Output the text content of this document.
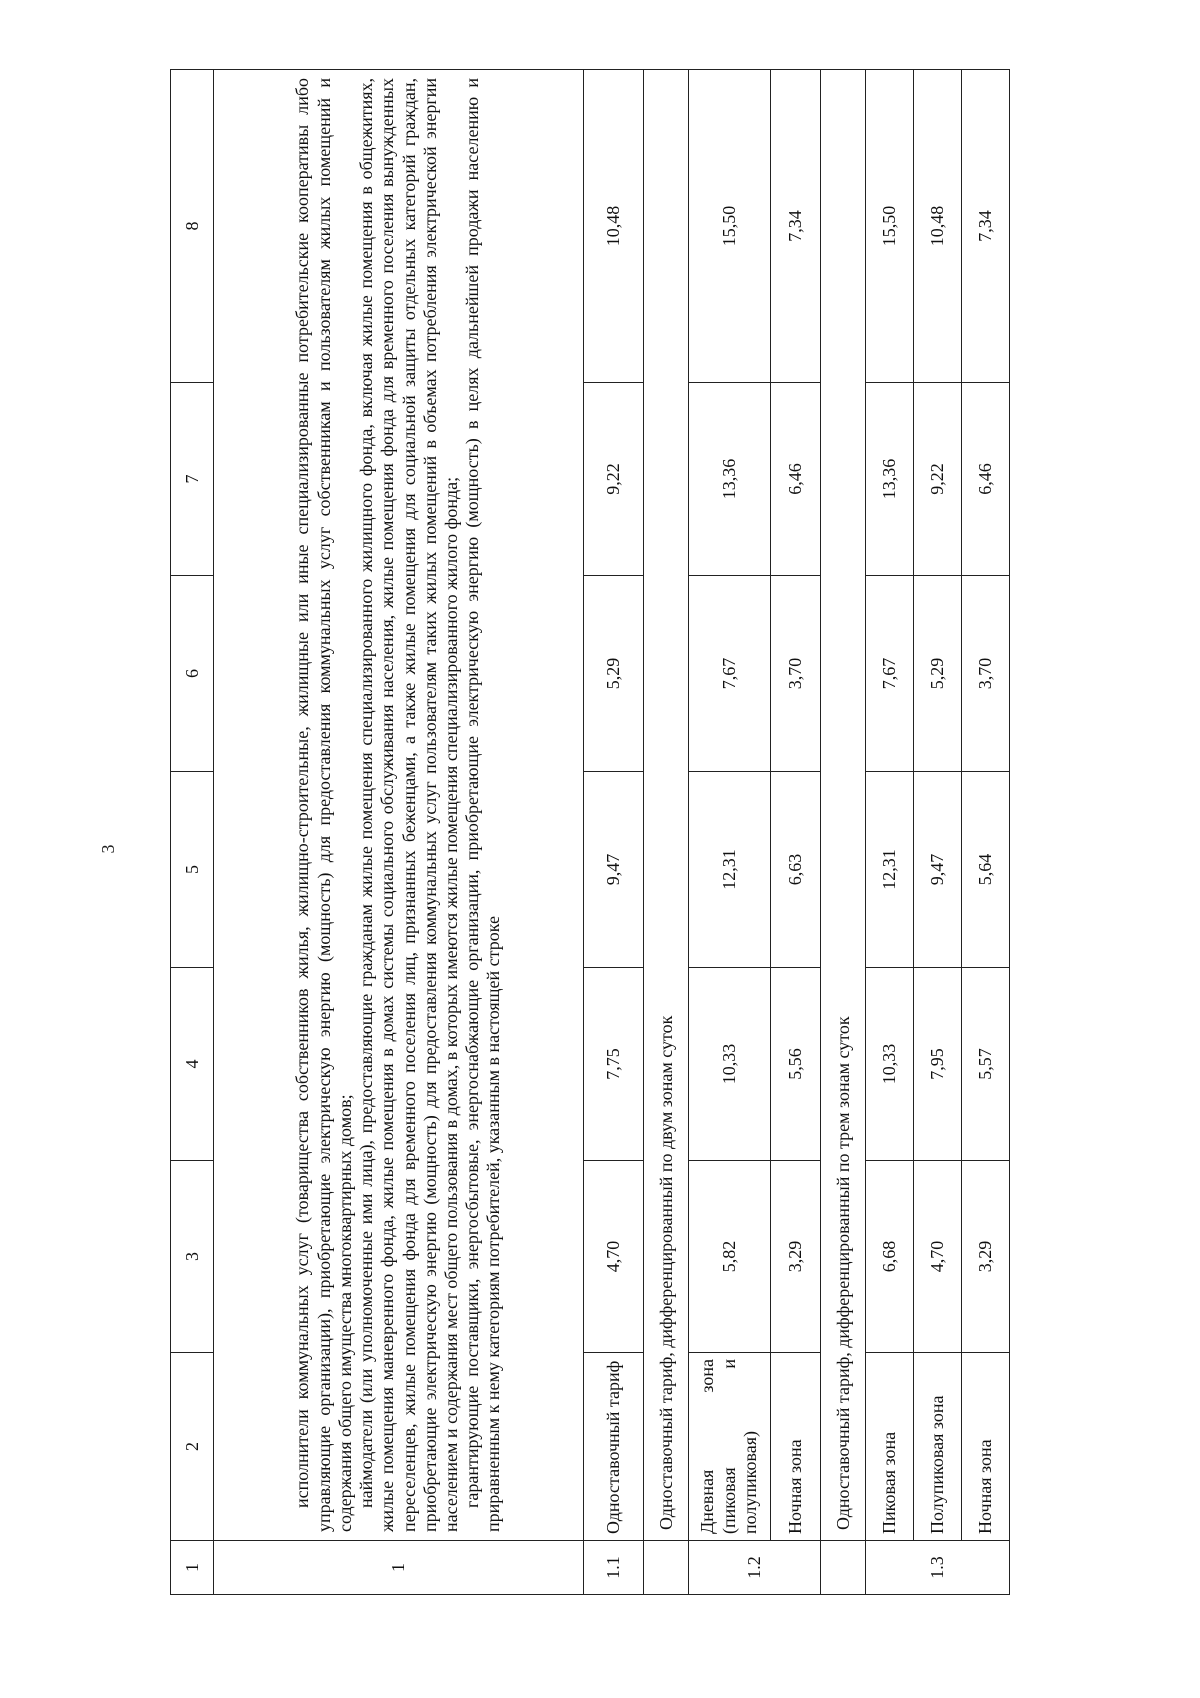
3
1	2	3	4	5	6	7	8
1	исполнители коммунальных услуг (товарищества собственников жилья, жилищно-строительные, жилищные или иные специализированные потребительские кооперативы либо управляющие организации), приобретающие электрическую энергию (мощность) для предоставления коммунальных услуг собственникам и пользователям жилых помещений и содержания общего имущества многоквартирных домов; наймодатели (или уполномоченные ими лица), предоставляющие гражданам жилые помещения специализированного жилищного фонда, включая жилые помещения в общежитиях, жилые помещения маневренного фонда, жилые помещения в домах системы социального обслуживания населения, жилые помещения фонда для временного поселения вынужденных переселенцев, жилые помещения фонда для временного поселения лиц, признанных беженцами, а также жилые помещения для социальной защиты отдельных категорий граждан, приобретающие электрическую энергию (мощность) для предоставления коммунальных услуг пользователям таких жилых помещений в объемах потребления электрической энергии населением и содержания мест общего пользования в домах, в которых имеются жилые помещения специализированного жилого фонда; гарантирующие поставщики, энергосбытовые, энергоснабжающие организации, приобретающие электрическую энергию (мощность) в целях дальнейшей продажи населению и приравненным к нему категориям потребителей, указанным в настоящей строке						

1.1	Одноставочный тариф	4,70	7,75	9,47	5,29	9,22	10,48
	Одноставочный тариф, дифференцированный по двум зонам суток						
1.2	Дневная
зона
(пиковая
и
полупиковая)	5,82	10,33	12,31	7,67	13,36	15,50
	Ночная зона	3,29	5,56	6,63	3,70	6,46	7,34
	Одноставочный тариф, дифференцированный по трем зонам суток						
1.3	Пиковая зона	6,68	10,33	12,31	7,67	13,36	15,50
	Полупиковая зона	4,70	7,95	9,47	5,29	9,22	10,48
	Ночная зона	3,29	5,57	5,64	3,70	6,46	7,34
